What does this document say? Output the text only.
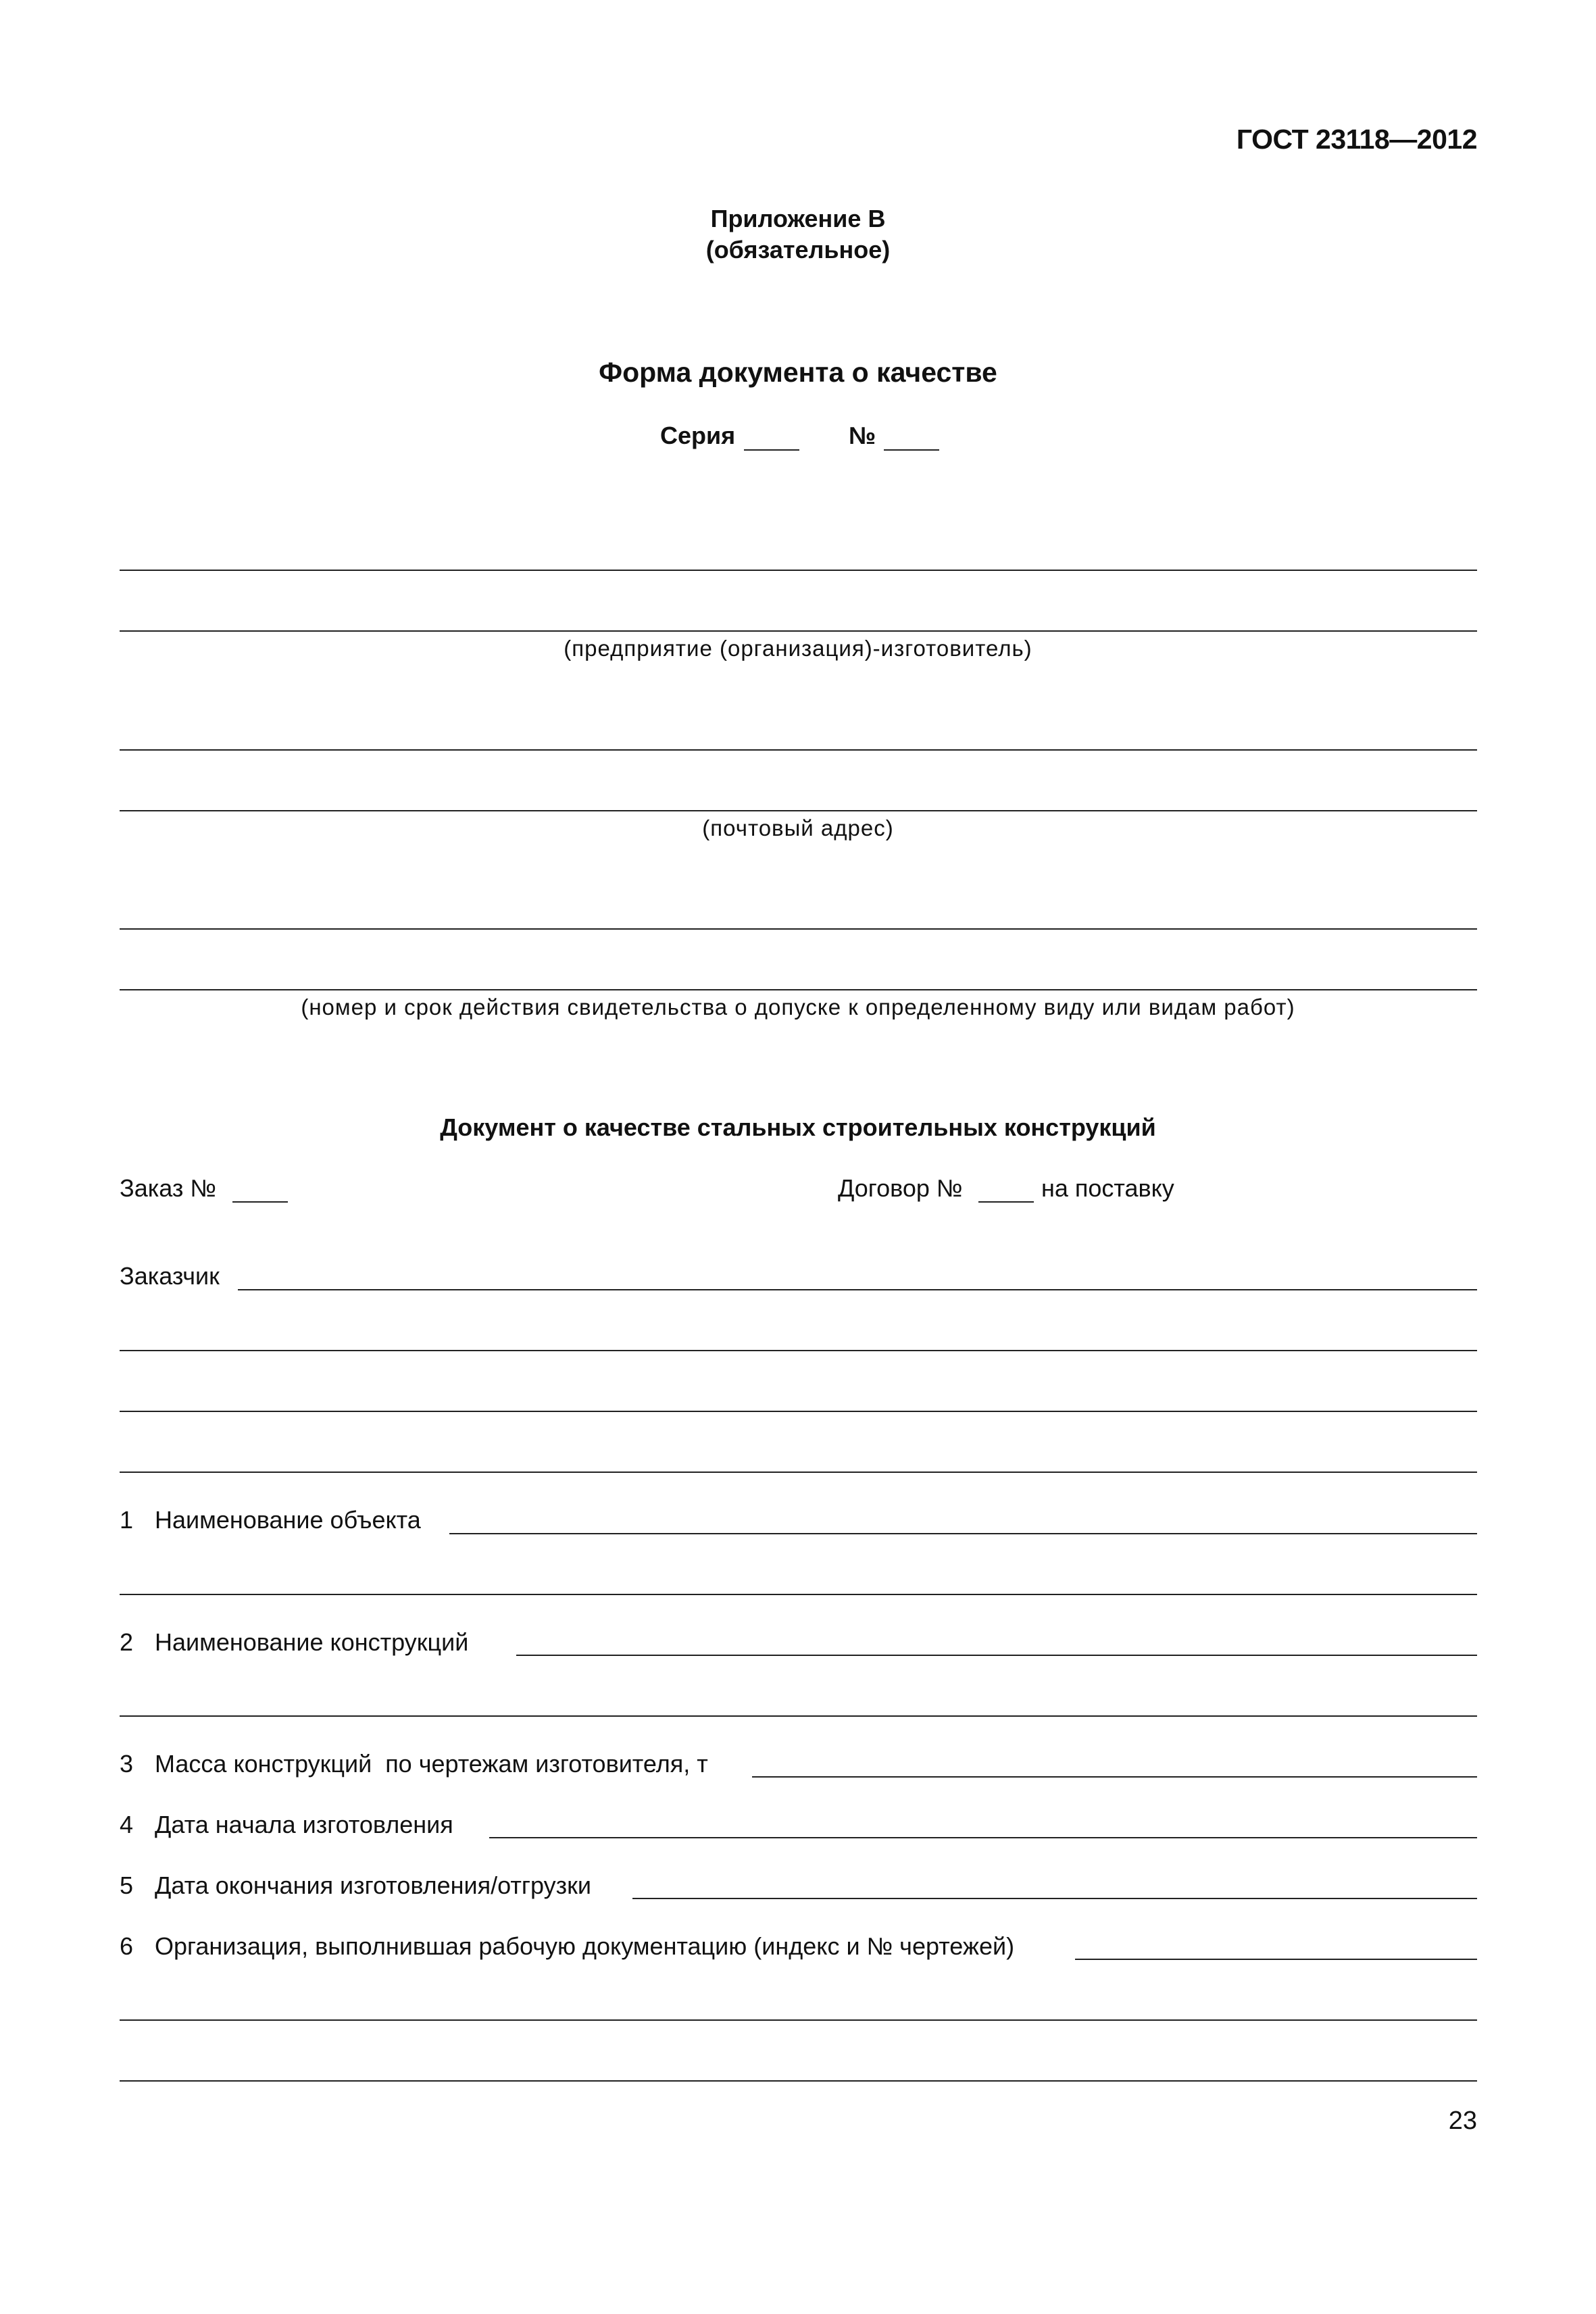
ГОСТ 23118—2012
Приложение В
(обязательное)
Форма документа о качестве
Серия	№
(предприятие (организация)-изготовитель)
(почтовый адрес)
(номер и срок действия свидетельства о допуске к определенному виду или видам работ)
Документ о качестве стальных строительных конструкций
Заказ №	Договор №	на поставку
Заказчик
1 Наименование объекта
2 Наименование конструкций
3 Масса конструкций  по чертежам изготовителя, т
4 Дата начала изготовления
5 Дата окончания изготовления/отгрузки
6 Организация, выполнившая рабочую документацию (индекс и № чертежей)
23
